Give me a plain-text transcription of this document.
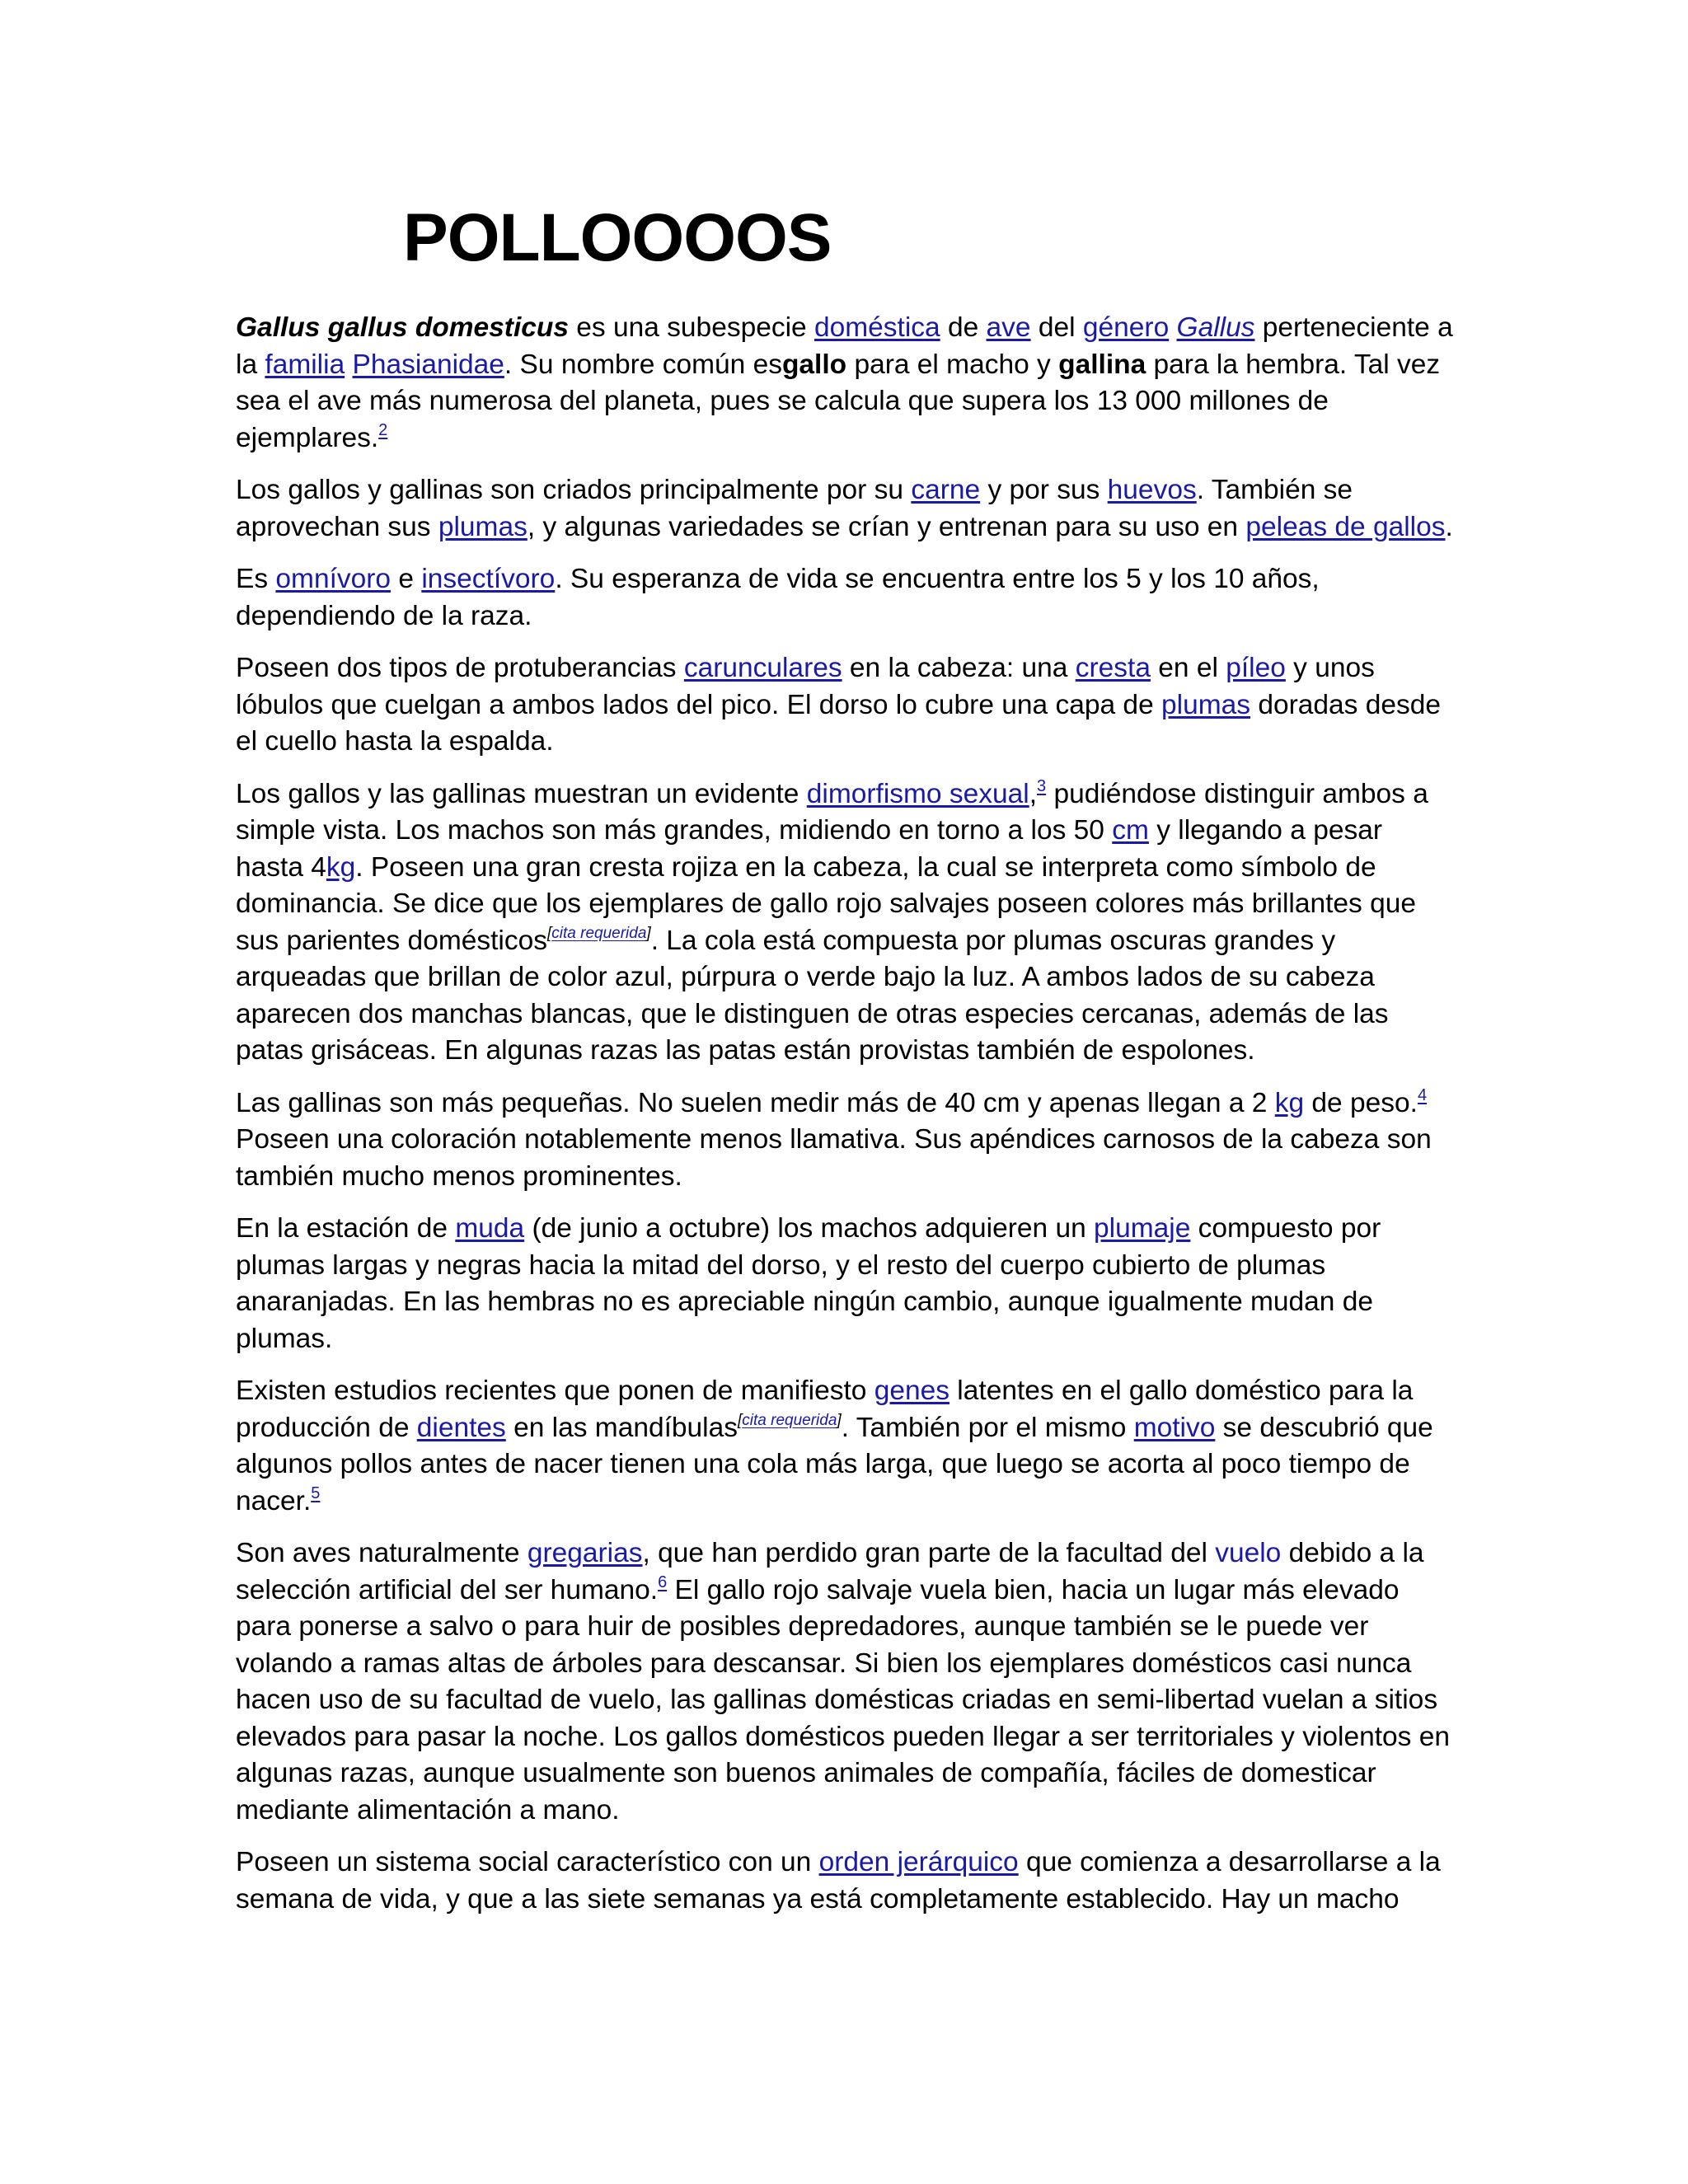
POLLOOOOS

Gallus gallus domesticus es una subespecie doméstica de ave del género Gallus perteneciente a la familia Phasianidae. Su nombre común esgallo para el macho y gallina para la hembra. Tal vez sea el ave más numerosa del planeta, pues se calcula que supera los 13 000 millones de ejemplares.$^2$

Los gallos y gallinas son criados principalmente por su carne y por sus huevos. También se aprovechan sus plumas, y algunas variedades se crían y entrenan para su uso en peleas de gallos.

Es omnívoro e insectívoro. Su esperanza de vida se encuentra entre los 5 y los 10 años, dependiendo de la raza.

Poseen dos tipos de protuberancias carunculares en la cabeza: una cresta en el píleo y unos lóbulos que cuelgan a ambos lados del pico. El dorso lo cubre una capa de plumas doradas desde el cuello hasta la espalda.

Los gallos y las gallinas muestran un evidente dimorfismo sexual,$^3$ pudiéndose distinguir ambos a simple vista. Los machos son más grandes, midiendo en torno a los 50 cm y llegando a pesar hasta 4kg. Poseen una gran cresta rojiza en la cabeza, la cual se interpreta como símbolo de dominancia. Se dice que los ejemplares de gallo rojo salvajes poseen colores más brillantes que sus parientes domésticos[cita requerida]. La cola está compuesta por plumas oscuras grandes y arqueadas que brillan de color azul, púrpura o verde bajo la luz. A ambos lados de su cabeza aparecen dos manchas blancas, que le distinguen de otras especies cercanas, además de las patas grisáceas. En algunas razas las patas están provistas también de espolones.

Las gallinas son más pequeñas. No suelen medir más de 40 cm y apenas llegan a 2 kg de peso.$^4$ Poseen una coloración notablemente menos llamativa. Sus apéndices carnosos de la cabeza son también mucho menos prominentes.

En la estación de muda (de junio a octubre) los machos adquieren un plumaje compuesto por plumas largas y negras hacia la mitad del dorso, y el resto del cuerpo cubierto de plumas anaranjadas. En las hembras no es apreciable ningún cambio, aunque igualmente mudan de plumas.

Existen estudios recientes que ponen de manifiesto genes latentes en el gallo doméstico para la producción de dientes en las mandíbulas[cita requerida]. También por el mismo motivo se descubrió que algunos pollos antes de nacer tienen una cola más larga, que luego se acorta al poco tiempo de nacer.$^5$

Son aves naturalmente gregarias, que han perdido gran parte de la facultad del vuelo debido a la selección artificial del ser humano.$^6$ El gallo rojo salvaje vuela bien, hacia un lugar más elevado para ponerse a salvo o para huir de posibles depredadores, aunque también se le puede ver volando a ramas altas de árboles para descansar. Si bien los ejemplares domésticos casi nunca hacen uso de su facultad de vuelo, las gallinas domésticas criadas en semi-libertad vuelan a sitios elevados para pasar la noche. Los gallos domésticos pueden llegar a ser territoriales y violentos en algunas razas, aunque usualmente son buenos animales de compañía, fáciles de domesticar mediante alimentación a mano.

Poseen un sistema social característico con un orden jerárquico que comienza a desarrollarse a la semana de vida, y que a las siete semanas ya está completamente establecido. Hay un macho
